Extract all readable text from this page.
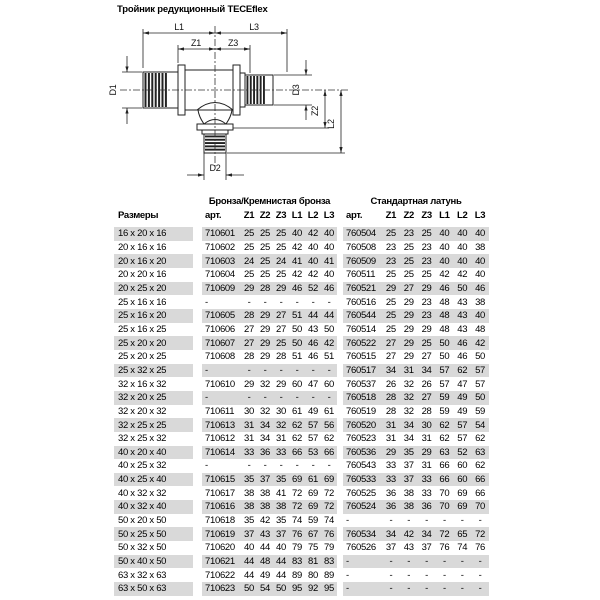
Тройник редукционный TECEflex
L1	L3
Z1	Z3
D1	D3
Z2
L2
D2
Бронза/Кремнистая бронза	Стандартная латунь
Размеры	арт.	Z1 Z2 Z3 L1 L2 L3	арт.	Z1 Z2 Z3 L1 L2 L3
16 x 20 x 16	710601 25 25 25 40 42 40	760504	25 23 25 40 40 40
20 x 16 x 16	710602 25 25 25 42 40 40	760508	23 25 23 40 40 38
20 x 16 x 20	710603 24 25 24 41 40 41	760509	23 25 23 40 40 40
20 x 20 x 16	710604 25 25 25 42 42 40	760511	25 25 25 42 42 40
20 x 25 x 20	710609 29 28 29 46 52 46	760521	29 27 29 46 50 46
25 x 16 x 16	-	-	-	-	-	-	-	760516	25 29 23 48 43 38
25 x 16 x 20	710605 28 29 27 51 44 44	760544	25 29 23 48 43 40
25 x 16 x 25	710606 27 29 27 50 43 50	760514	25 29 29 48 43 48
25 x 20 x 20	710607 27 29 25 50 46 42	760522	27 29 25 50 46 42
25 x 20 x 25	710608 28 29 28 51 46 51	760515	27 29 27 50 46 50
25 x 32 x 25	-	-	-	-	-	-	-	760517	34 31 34 57 62 57
32 x 16 x 32	710610 29 32 29 60 47 60	760537	26 32 26 57 47 57
32 x 20 x 25	-	-	-	-	-	-	-	760518	28 32 27 59 49 50
32 x 20 x 32	710611	30 32 30 61 49 61	760519	28 32 28 59 49 59
32 x 25 x 25	710613 31 34 32 62 57 56	760520	31 34 30 62 57 54
32 x 25 x 32	710612 31 34 31 62 57 62	760523	31 34 31 62 57 62
40 x 20 x 40	710614 33 36 33 66 53 66	760536	29 35 29 63 52 63
40 x 25 x 32	-	-	-	-	-	-	-	760543	33 37 31 66 60 62
40 x 25 x 40	710615 35 37 35 69 61 69	760533	33 37 33 66 60 66
40 x 32 x 32	710617 38 38 41 72 69 72	760525	36 38 33 70 69 66
40 x 32 x 40	710616 38 38 38 72 69 72	760524	36 38 36 70 69 70
50 x 20 x 50	710618 35 42 35 74 59 74	-	-	-	-	-	-	-
50 x 25 x 50	710619 37 43 37 76 67 76	760534	34 42 34 72 65 72
50 x 32 x 50	710620 40 44 40 79 75 79	760526	37 43 37 76 74 76
50 x 40 x 50	710621 44 48 44 83 81 83	-	-	-	-	-	-	-
63 x 32 x 63	710622 44 49 44 89 80 89	-	-	-	-	-	-	-
63 x 50 x 63	710623 50 54 50 95 92 95	-	-	-	-	-	-	-
